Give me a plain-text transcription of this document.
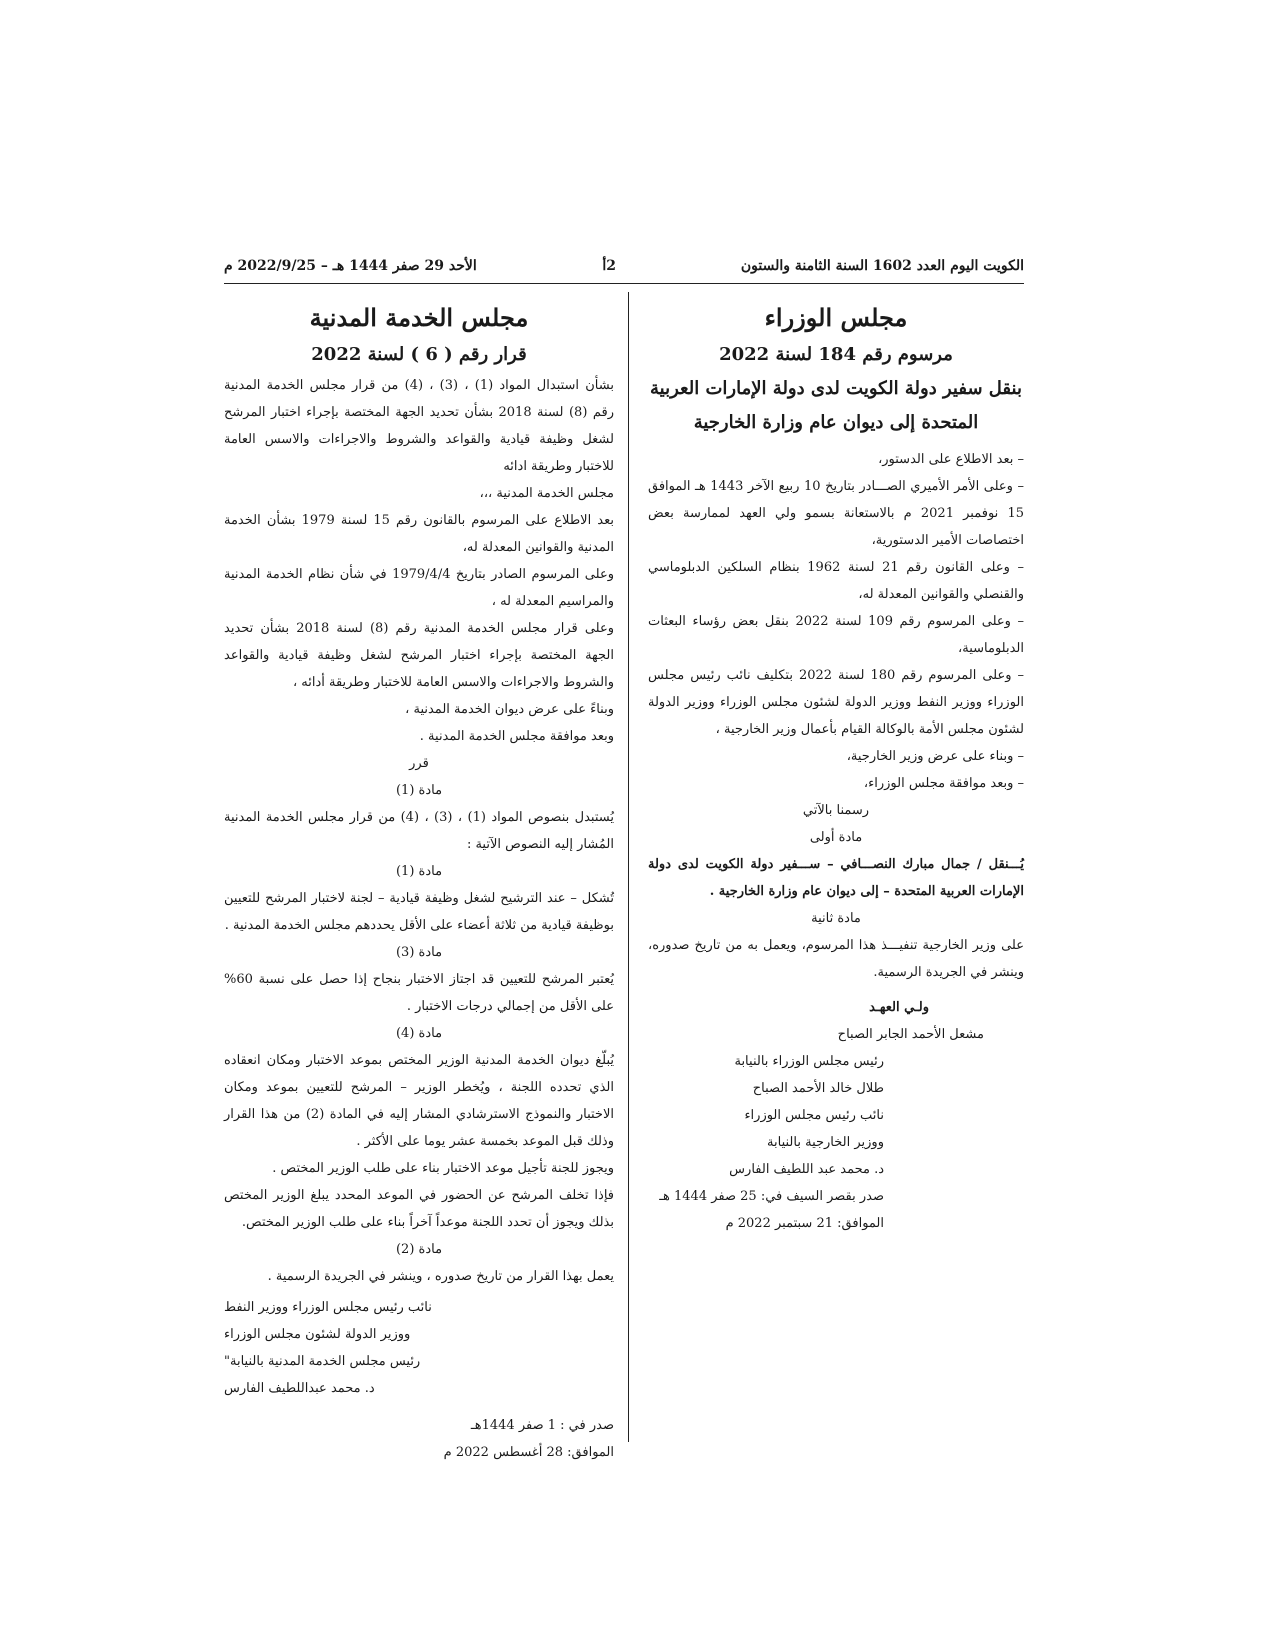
الكويت اليوم العدد 1602 السنة الثامنة والستون
2أ
الأحد 29 صفر 1444 هـ – 2022/9/25 م
مجلس الوزراء
مرسوم رقم 184 لسنة 2022
بنقل سفير دولة الكويت لدى دولة الإمارات العربية
المتحدة إلى ديوان عام وزارة الخارجية

– بعد الاطلاع على الدستور،

– وعلى الأمر الأميري الصـــادر بتاريخ 10 ربيع الآخر 1443 هـ الموافق 15 نوفمبر 2021 م بالاستعانة بسمو ولي العهد لممارسة بعض اختصاصات الأمير الدستورية،

– وعلى القانون رقم 21 لسنة 1962 بنظام السلكين الدبلوماسي والقنصلي والقوانين المعدلة له،

– وعلى المرسوم رقم 109 لسنة 2022 بنقل بعض رؤساء البعثات الدبلوماسية،

– وعلى المرسوم رقم 180 لسنة 2022 بتكليف نائب رئيس مجلس الوزراء ووزير النفط ووزير الدولة لشئون مجلس الوزراء ووزير الدولة لشئون مجلس الأمة بالوكالة القيام بأعمال وزير الخارجية ،

– وبناء على عرض وزير الخارجية،

– وبعد موافقة مجلس الوزراء،

رسمنا بالآتي

مادة أولى

يُـــنقل / جمال مبارك النصـــافي – ســـفير دولة الكويت لدى دولة الإمارات العربية المتحدة – إلى ديوان عام وزارة الخارجية .

مادة ثانية

على وزير الخارجية تنفيـــذ هذا المرسوم، ويعمل به من تاريخ صدوره، وينشر في الجريدة الرسمية.

ولـي العهـد
مشعل الأحمد الجابر الصباح
رئيس مجلس الوزراء بالنيابة
طلال خالد الأحمد الصباح
نائب رئيس مجلس الوزراء
ووزير الخارجية بالنيابة
د. محمد عبد اللطيف الفارس
صدر بقصر السيف في: 25 صفر 1444 هـ
الموافق: 21 سبتمبر 2022 م
مجلس الخدمة المدنية
قرار رقم ( 6 ) لسنة 2022

بشأن استبدال المواد (1) ، (3) ، (4) من قرار مجلس الخدمة المدنية رقم (8) لسنة 2018 بشأن تحديد الجهة المختصة بإجراء اختبار المرشح لشغل وظيفة قيادية والقواعد والشروط والاجراءات والاسس العامة للاختبار وطريقة ادائه

مجلس الخدمة المدنية ،،،

بعد الاطلاع على المرسوم بالقانون رقم 15 لسنة 1979 بشأن الخدمة المدنية والقوانين المعدلة له،

وعلى المرسوم الصادر بتاريخ 1979/4/4 في شأن نظام الخدمة المدنية والمراسيم المعدلة له ،

وعلى قرار مجلس الخدمة المدنية رقم (8) لسنة 2018 بشأن تحديد الجهة المختصة بإجراء اختبار المرشح لشغل وظيفة قيادية والقواعد والشروط والاجراءات والاسس العامة للاختبار وطريقة أدائه ،

وبناءً على عرض ديوان الخدمة المدنية ،

وبعد موافقة مجلس الخدمة المدنية .

قرر

مادة (1)

يُستبدل بنصوص المواد (1) ، (3) ، (4) من قرار مجلس الخدمة المدنية المُشار إليه النصوص الآتية :

مادة (1)

تُشكل – عند الترشيح لشغل وظيفة قيادية – لجنة لاختبار المرشح للتعيين بوظيفة قيادية من ثلاثة أعضاء على الأقل يحددهم مجلس الخدمة المدنية .

مادة (3)

يُعتبر المرشح للتعيين قد اجتاز الاختبار بنجاح إذا حصل على نسبة 60% على الأقل من إجمالي درجات الاختبار .

مادة (4)

يُبلّغ ديوان الخدمة المدنية الوزير المختص بموعد الاختبار ومكان انعقاده الذي تحدده اللجنة ، ويُخطر الوزير – المرشح للتعيين بموعد ومكان الاختبار والنموذج الاسترشادي المشار إليه في المادة (2) من هذا القرار وذلك قبل الموعد بخمسة عشر يوما على الأكثر .

ويجوز للجنة تأجيل موعد الاختبار بناء على طلب الوزير المختص .

فإذا تخلف المرشح عن الحضور في الموعد المحدد يبلغ الوزير المختص بذلك ويجوز أن تحدد اللجنة موعداً آخراً بناء على طلب الوزير المختص.

مادة (2)

يعمل بهذا القرار من تاريخ صدوره ، وينشر في الجريدة الرسمية .

نائب رئيس مجلس الوزراء ووزير النفط
ووزير الدولة لشئون مجلس الوزراء
رئيس مجلس الخدمة المدنية بالنيابة"
د. محمد عبداللطيف الفارس
صدر في : 1 صفر 1444هـ
الموافق: 28 أغسطس 2022 م
